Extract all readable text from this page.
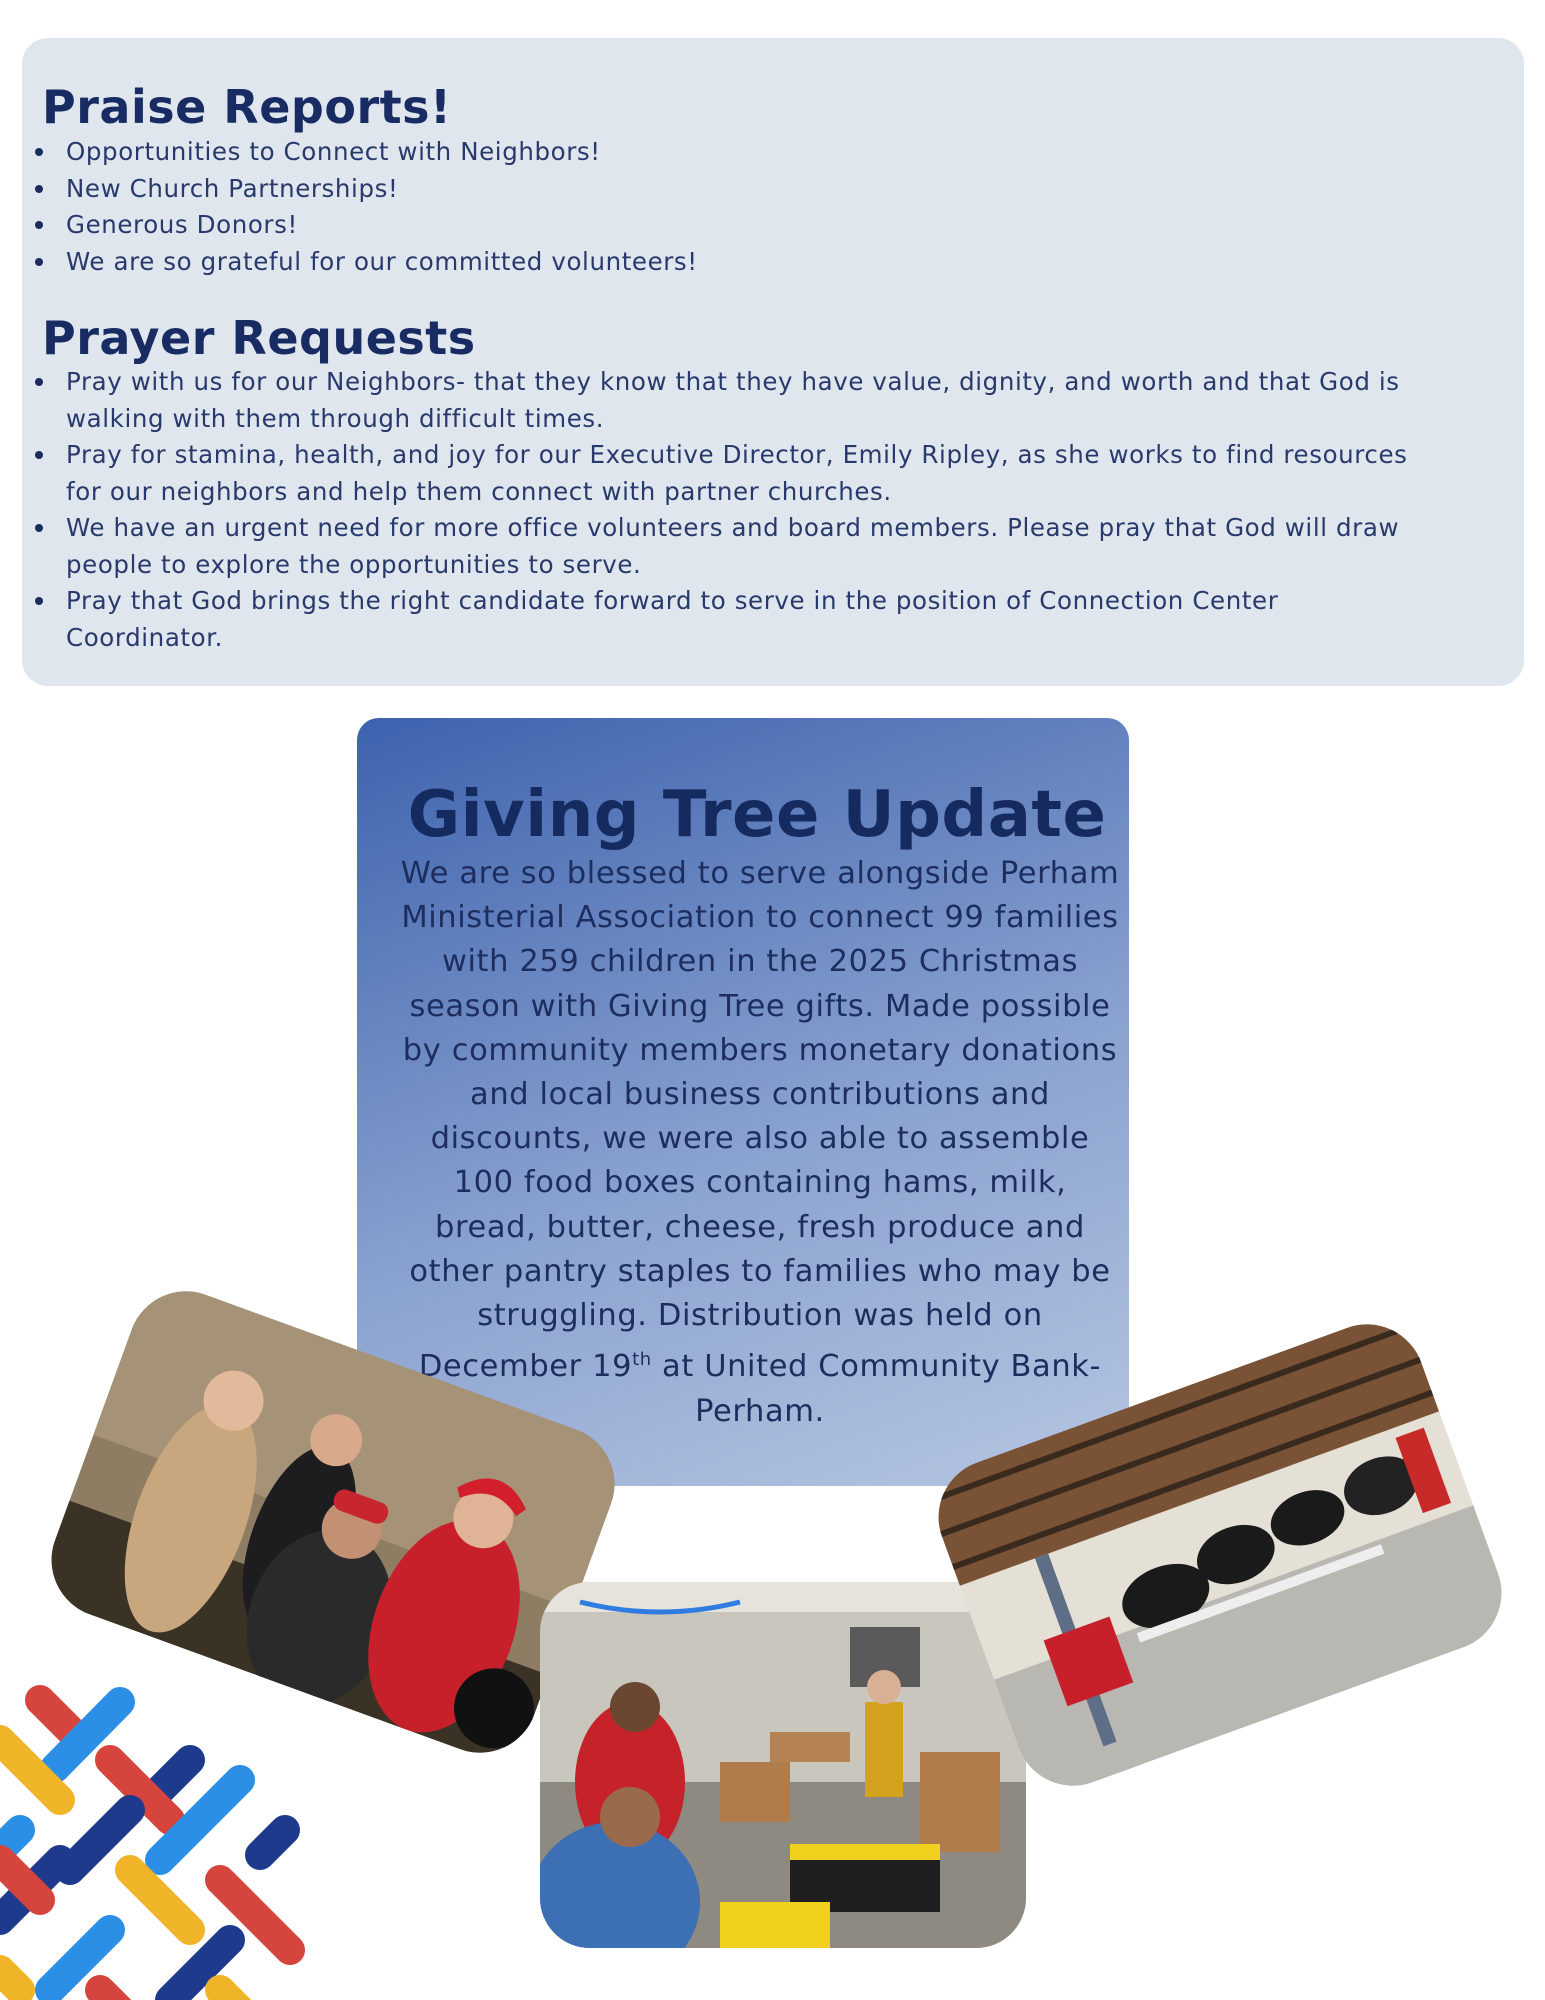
Praise Reports!
Opportunities to Connect with Neighbors!
New Church Partnerships!
Generous Donors!
We are so grateful for our committed volunteers!
Prayer Requests
Pray with us for our Neighbors- that they know that they have value, dignity, and worth and that God is walking with them through difficult times.
Pray for stamina, health, and joy for our Executive Director, Emily Ripley, as she works to find resources for our neighbors and help them connect with partner churches.
We have an urgent need for more office volunteers and board members. Please pray that God will draw people to explore the opportunities to serve.
Pray that God brings the right candidate forward to serve in the position of Connection Center Coordinator.
Giving Tree Update
We are so blessed to serve alongside Perham Ministerial Association to connect 99 families with 259 children in the 2025 Christmas season with Giving Tree gifts. Made possible by community members monetary donations and local business contributions and discounts, we were also able to assemble 100 food boxes containing hams, milk, bread, butter, cheese, fresh produce and other pantry staples to families who may be struggling. Distribution was held on December 19th at United Community Bank- Perham.
